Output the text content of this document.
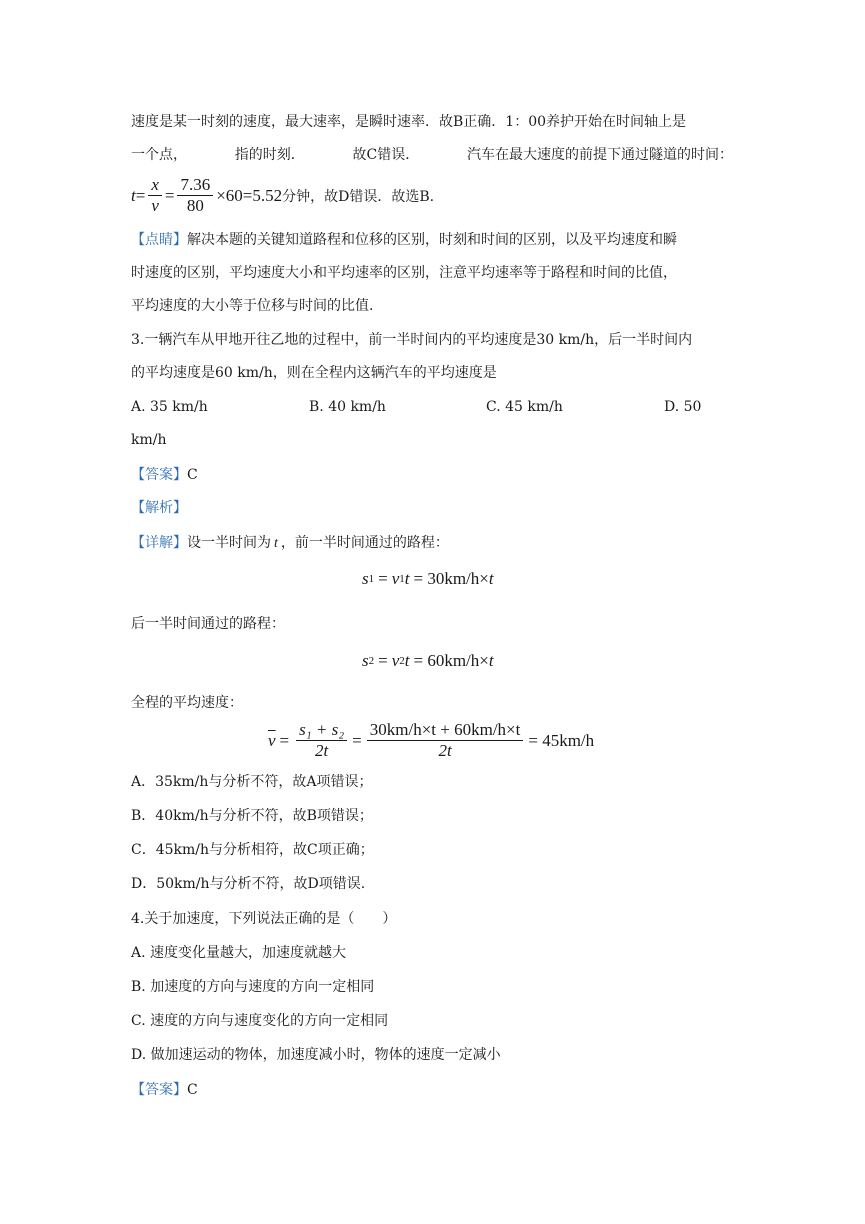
速度是某一时刻的速度，最大速率，是瞬时速率．故B正确．1：00养护开始在时间轴上是
一个点，	指的时刻．	故C错误．	汽车在最大速度的前提下通过隧道的时间：
$t = \frac{x}{v} = \frac{7.36}{80} \times 60=5.52$ 分钟，故D错误．故选B.
【点睛】解决本题的关键知道路程和位移的区别，时刻和时间的区别，以及平均速度和瞬
时速度的区别，平均速度大小和平均速率的区别，注意平均速率等于路程和时间的比值，
平均速度的大小等于位移与时间的比值.
3.一辆汽车从甲地开往乙地的过程中，前一半时间内的平均速度是30 km/h，后一半时间内
的平均速度是60 km/h，则在全程内这辆汽车的平均速度是
A. 35 km/h	B. 40 km/h	C. 45 km/h	D. 50
km/h
【答案】C
【解析】
【详解】设一半时间为 t ，前一半时间通过的路程：
s 1 = v 1 t = 30km/h× t
后一半时间通过的路程：
s 2 = v 2 t = 60km/h× t
全程的平均速度：
$\overline{v} = \frac{\text{s₁ + s₂}}{2t} = \frac{30km/h\times t + 60km/h\times t}{2t} = 45km/h$
A．35km/h与分析不符，故A项错误；
B．40km/h与分析不符，故B项错误；
C．45km/h与分析相符，故C项正确；
D．50km/h与分析不符，故D项错误.
4.关于加速度，下列说法正确的是（　　）
A. 速度变化量越大，加速度就越大
B. 加速度的方向与速度的方向一定相同
C. 速度的方向与速度变化的方向一定相同
D. 做加速运动的物体，加速度减小时，物体的速度一定减小
【答案】C
